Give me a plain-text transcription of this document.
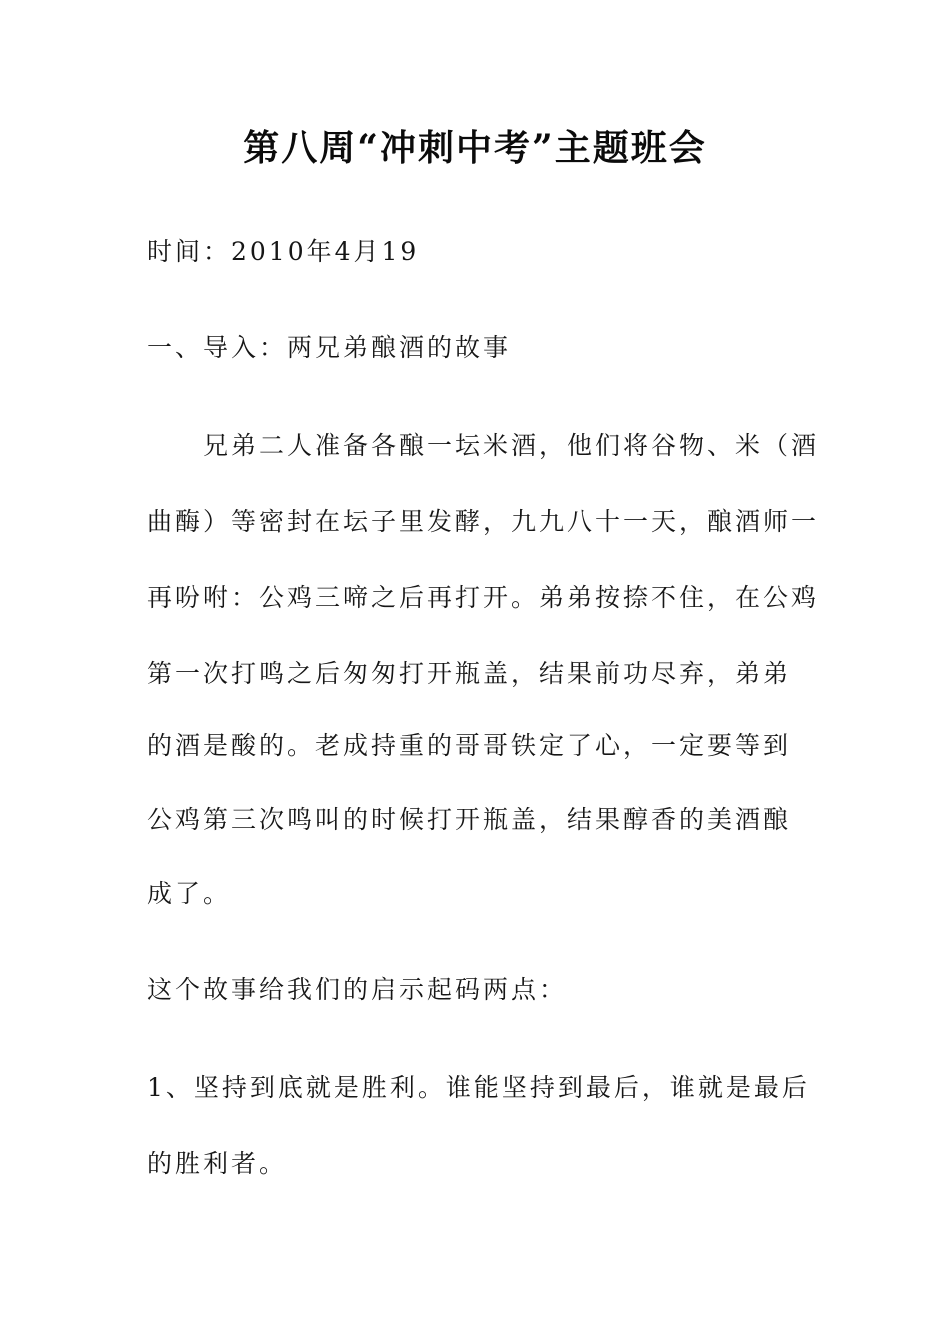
第八周“冲刺中考”主题班会
时间：2010年4月19
一、导入：两兄弟酿酒的故事
　兄弟二人准备各酿一坛米酒，他们将谷物、米（酒
曲酶）等密封在坛子里发酵，九九八十一天，酿酒师一
再吩咐：公鸡三啼之后再打开。弟弟按捺不住，在公鸡
第一次打鸣之后匆匆打开瓶盖，结果前功尽弃，弟弟
的酒是酸的。老成持重的哥哥铁定了心，一定要等到
公鸡第三次鸣叫的时候打开瓶盖，结果醇香的美酒酿
成了。
这个故事给我们的启示起码两点：
1、坚持到底就是胜利。谁能坚持到最后，谁就是最后
的胜利者。
